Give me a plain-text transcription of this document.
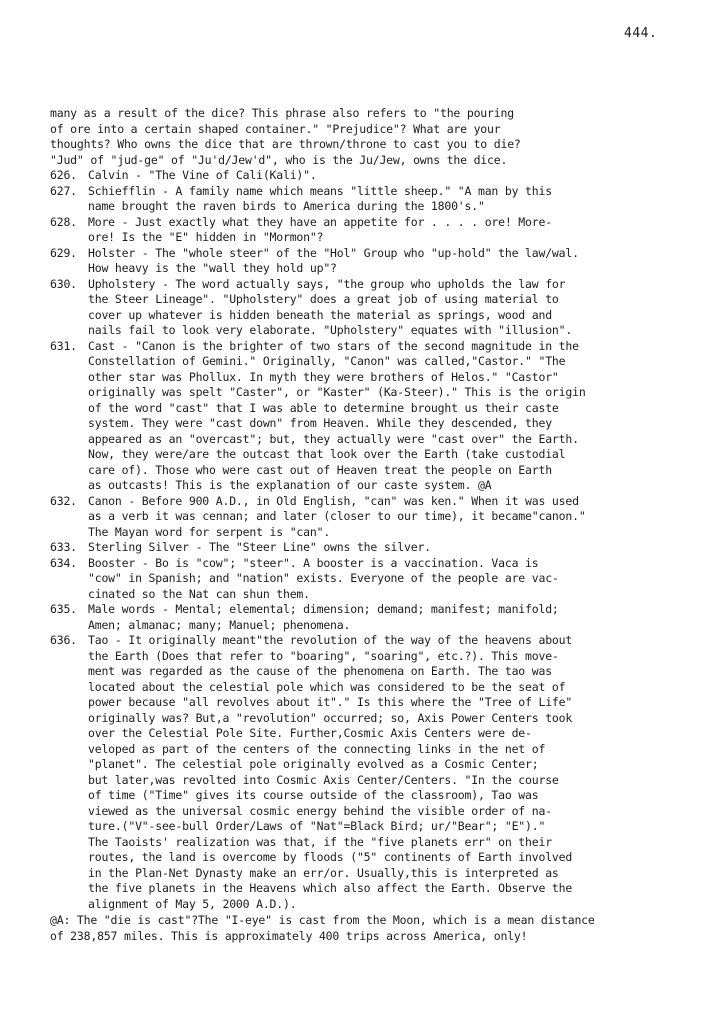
444.
many as a result of the dice? This phrase also refers to "the pouring
of ore into a certain shaped container." "Prejudice"? What are your
thoughts? Who owns the dice that are thrown/throne to cast you to die?
"Jud" of "jud-ge" of "Ju'd/Jew'd", who is the Ju/Jew, owns the dice.
626. Calvin - "The Vine of Cali(Kali)".
627. Schiefflin - A family name which means "little sheep." "A man by this
name brought the raven birds to America during the 1800's."
628. More - Just exactly what they have an appetite for . . . . ore! More-
ore! Is the "E" hidden in "Mormon"?
629. Holster - The "whole steer" of the "Hol" Group who "up-hold" the law/wal.
How heavy is the "wall they hold up"?
630. Upholstery - The word actually says, "the group who upholds the law for
the Steer Lineage". "Upholstery" does a great job of using material to
cover up whatever is hidden beneath the material as springs, wood and
nails fail to look very elaborate. "Upholstery" equates with "illusion".
631. Cast - "Canon is the brighter of two stars of the second magnitude in the
Constellation of Gemini." Originally, "Canon" was called,"Castor." "The
other star was Phollux. In myth they were brothers of Helos." "Castor"
originally was spelt "Caster", or "Kaster" (Ka-Steer)." This is the origin
of the word "cast" that I was able to determine brought us their caste
system. They were "cast down" from Heaven. While they descended, they
appeared as an "overcast"; but, they actually were "cast over" the Earth.
Now, they were/are the outcast that look over the Earth (take custodial
care of). Those who were cast out of Heaven treat the people on Earth
as outcasts! This is the explanation of our caste system. @A
632. Canon - Before 900 A.D., in Old English, "can" was ken." When it was used
as a verb it was cennan; and later (closer to our time), it became"canon."
The Mayan word for serpent is "can".
633. Sterling Silver - The "Steer Line" owns the silver.
634. Booster - Bo is "cow"; "steer". A booster is a vaccination. Vaca is
"cow" in Spanish; and "nation" exists. Everyone of the people are vac-
cinated so the Nat can shun them.
635. Male words - Mental; elemental; dimension; demand; manifest; manifold;
Amen; almanac; many; Manuel; phenomena.
636. Tao - It originally meant"the revolution of the way of the heavens about
the Earth (Does that refer to "boaring", "soaring", etc.?). This move-
ment was regarded as the cause of the phenomena on Earth. The tao was
located about the celestial pole which was considered to be the seat of
power because "all revolves about it"." Is this where the "Tree of Life"
originally was? But,a "revolution" occurred; so, Axis Power Centers took
over the Celestial Pole Site. Further,Cosmic Axis Centers were de-
veloped as part of the centers of the connecting links in the net of
"planet". The celestial pole originally evolved as a Cosmic Center;
but later,was revolted into Cosmic Axis Center/Centers. "In the course
of time ("Time" gives its course outside of the classroom), Tao was
viewed as the universal cosmic energy behind the visible order of na-
ture.("V"-see-bull Order/Laws of "Nat"=Black Bird; ur/"Bear"; "E")."
The Taoists' realization was that, if the "five planets err" on their
routes, the land is overcome by floods ("5" continents of Earth involved
in the Plan-Net Dynasty make an err/or. Usually,this is interpreted as
the five planets in the Heavens which also affect the Earth. Observe the
alignment of May 5, 2000 A.D.).
@A: The "die is cast"?The "I-eye" is cast from the Moon, which is a mean distance
of 238,857 miles. This is approximately 400 trips across America, only!
